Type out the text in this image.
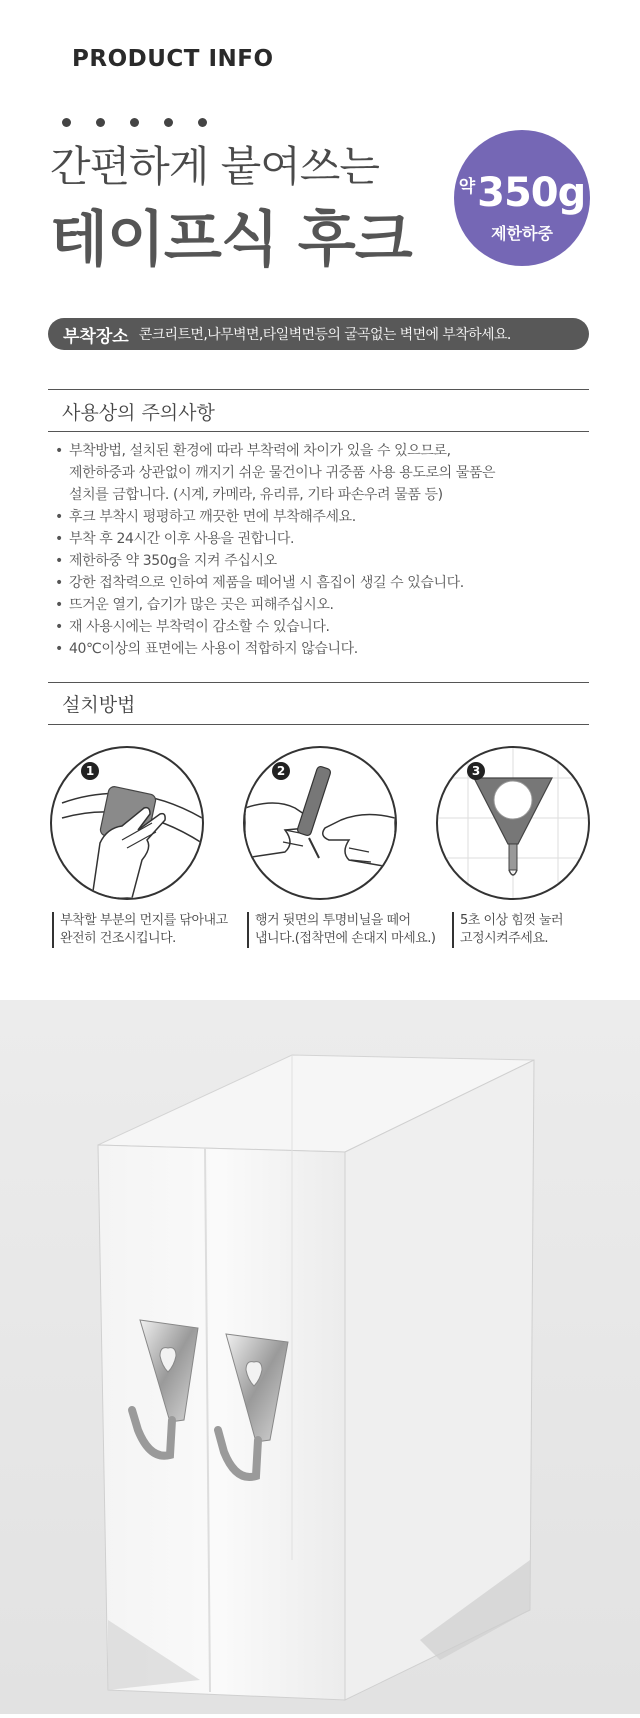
PRODUCT INFO
간편하게 붙여쓰는
테이프식 후크
약350g
제한하중
부착장소 콘크리트면,나무벽면,타일벽면등의 굴곡없는 벽면에 부착하세요.
사용상의 주의사항
• 부착방법, 설치된 환경에 따라 부착력에 차이가 있을 수 있으므로,
제한하중과 상관없이 깨지기 쉬운 물건이나 귀중품 사용 용도로의 물품은
설치를 금합니다. (시계, 카메라, 유리류, 기타 파손우려 물품 등)
• 후크 부착시 평평하고 깨끗한 면에 부착해주세요.
• 부착 후 24시간 이후 사용을 권합니다.
• 제한하중 약 350g을 지켜 주십시오
• 강한 접착력으로 인하여 제품을 떼어낼 시 흠집이 생길 수 있습니다.
• 뜨거운 열기, 습기가 많은 곳은 피해주십시오.
• 재 사용시에는 부착력이 감소할 수 있습니다.
• 40℃이상의 표면에는 사용이 적합하지 않습니다.
설치방법
1	2	3
부착할 부분의 먼지를 닦아내고
완전히 건조시킵니다.
행거 뒷면의 투명비닐을 떼어
냅니다.(접착면에 손대지 마세요.)
5초 이상 힘껏 눌러
고정시켜주세요.
